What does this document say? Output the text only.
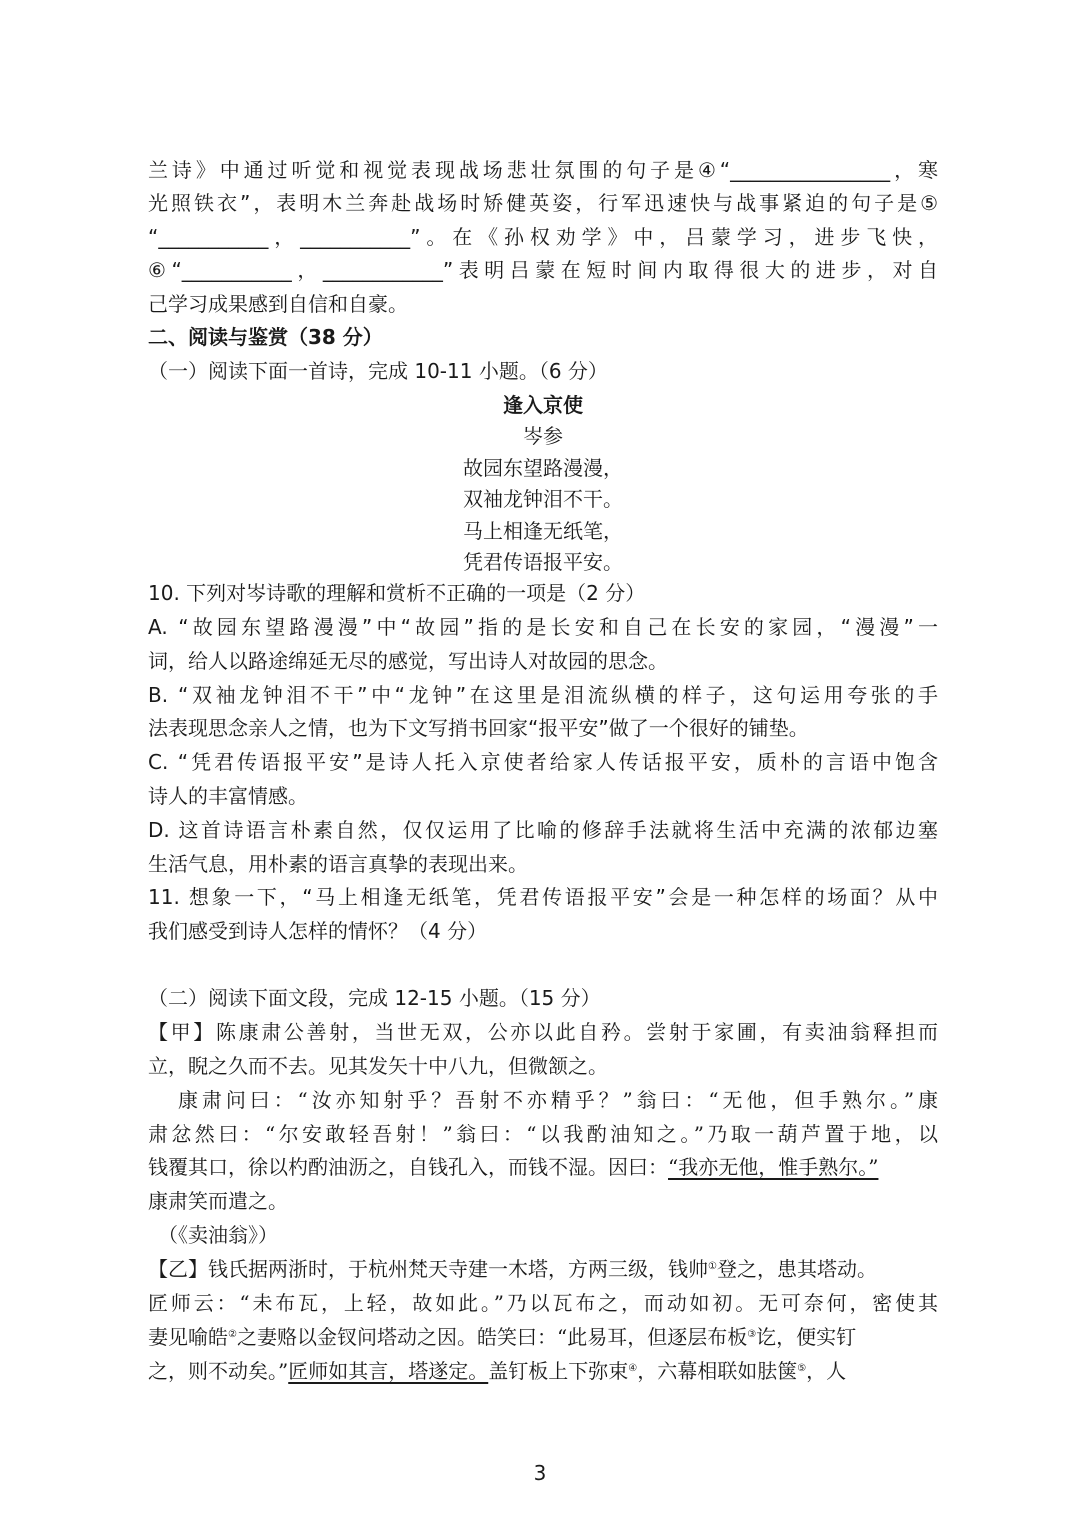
兰诗》中通过听觉和视觉表现战场悲壮氛围的句子是④“________________，寒
光照铁衣”，表明木兰奔赴战场时矫健英姿，行军迅速快与战事紧迫的句子是⑤
“___________，___________”。在《孙权劝学》中，吕蒙学习，进步飞快，
⑥“___________，____________”表明吕蒙在短时间内取得很大的进步，对自
己学习成果感到自信和自豪。
二、阅读与鉴赏（38 分）
（一）阅读下面一首诗，完成 10-11 小题。（6 分）
10. 下列对岑诗歌的理解和赏析不正确的一项是（2 分）
A. “故园东望路漫漫”中“故园”指的是长安和自己在长安的家园，“漫漫”一
词，给人以路途绵延无尽的感觉，写出诗人对故园的思念。
B. “双袖龙钟泪不干”中“龙钟”在这里是泪流纵横的样子，这句运用夸张的手
法表现思念亲人之情，也为下文写捎书回家“报平安”做了一个很好的铺垫。
C. “凭君传语报平安”是诗人托入京使者给家人传话报平安，质朴的言语中饱含
诗人的丰富情感。
D. 这首诗语言朴素自然，仅仅运用了比喻的修辞手法就将生活中充满的浓郁边塞
生活气息，用朴素的语言真挚的表现出来。
11. 想象一下，“马上相逢无纸笔，凭君传语报平安”会是一种怎样的场面？从中
我们感受到诗人怎样的情怀？（4 分）
（二）阅读下面文段，完成 12-15 小题。（15 分）
【甲】陈康肃公善射，当世无双，公亦以此自矜。尝射于家圃，有卖油翁释担而
立，睨之久而不去。见其发矢十中八九，但微颔之。
康肃问曰：“汝亦知射乎？吾射不亦精乎？”翁曰：“无他，但手熟尔。”康
肃忿然曰：“尔安敢轻吾射！”翁曰：“以我酌油知之。”乃取一葫芦置于地，以
钱覆其口，徐以杓酌油沥之，自钱孔入，而钱不湿。因曰：“我亦无他，惟手熟尔。”
康肃笑而遣之。
（《卖油翁》）
【乙】钱氏据两浙时，于杭州梵天寺建一木塔，方两三级，钱帅①登之，患其塔动。
匠师云：“未布瓦，上轻，故如此。”乃以瓦布之，而动如初。无可奈何，密使其
妻见喻皓②之妻赂以金钗问塔动之因。皓笑曰：“此易耳，但逐层布板③讫，便实钉
之，则不动矣。”匠师如其言，塔遂定。盖钉板上下弥束④，六幕相联如胠箧⑤，人
逢入京使
岑参
故园东望路漫漫，
双袖龙钟泪不干。
马上相逢无纸笔，
凭君传语报平安。
3
